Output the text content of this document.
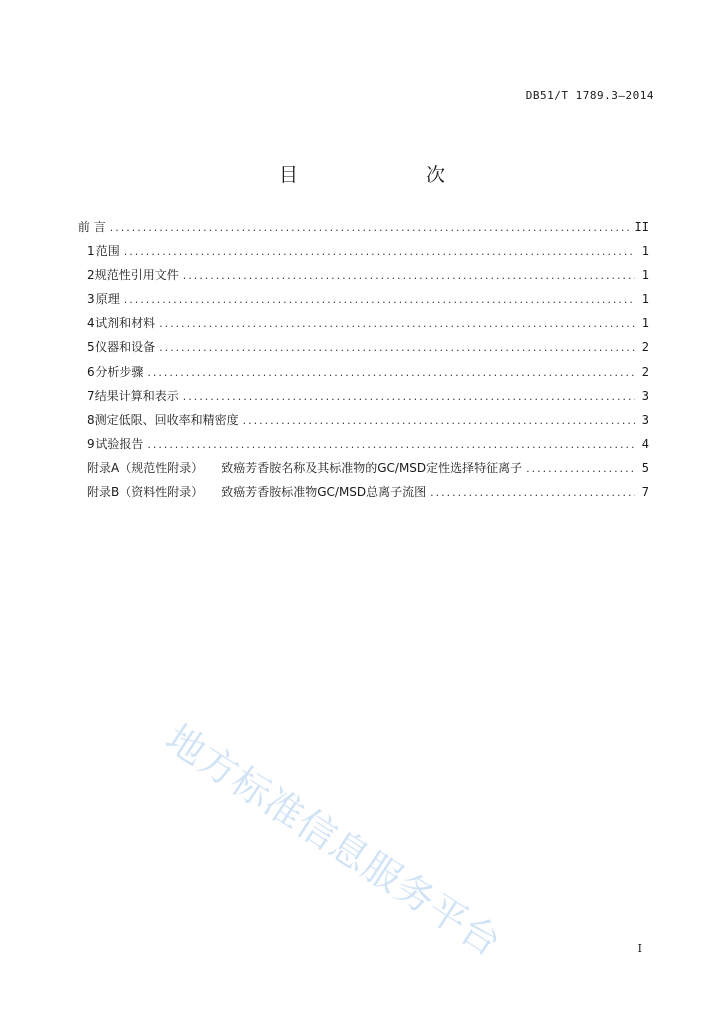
DB51/T 1789.3—2014
目　　次
前 言 .....	II
1 范围 .....	1
2 规范性引用文件 .....	1
3 原理 .....	1
4 试剂和材料 .....	1
5 仪器和设备 .....	2
6 分析步骤 .....	2
7 结果计算和表示 .....	3
8 测定低限、回收率和精密度 .....	3
9 试验报告 .....	4
附录A（规范性附录） 致癌芳香胺名称及其标准物的GC/MSD定性选择特征离子 .....	5
附录B（资料性附录） 致癌芳香胺标准物GC/MSD总离子流图 .....	7
地方标准信息服务平台	I
